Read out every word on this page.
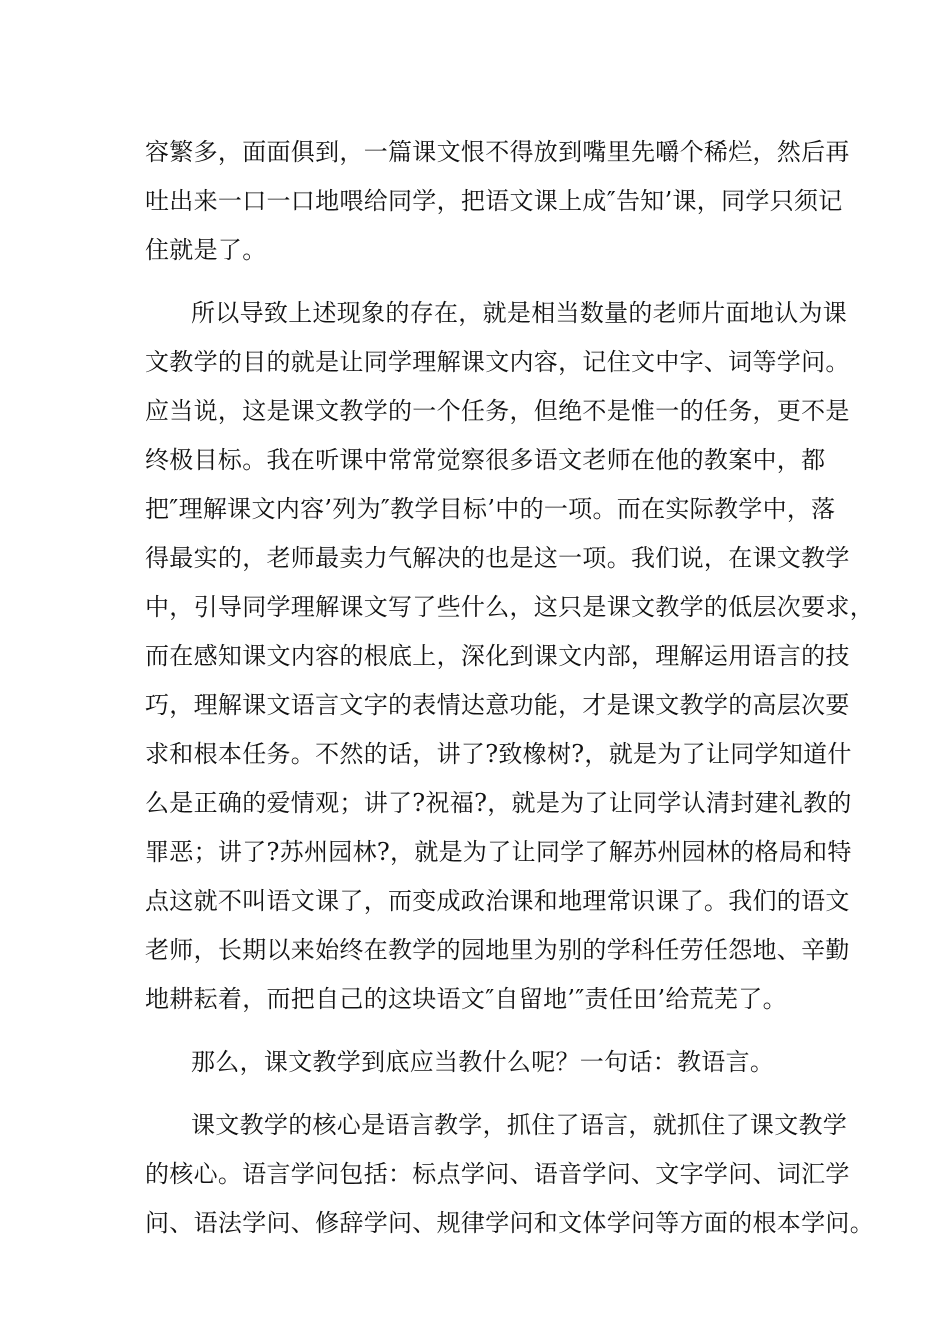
容繁多，面面俱到，一篇课文恨不得放到嘴里先嚼个稀烂，然后再
吐出来一口一口地喂给同学，把语文课上成″告知’课，同学只须记
住就是了。
所以导致上述现象的存在，就是相当数量的老师片面地认为课
文教学的目的就是让同学理解课文内容，记住文中字、词等学问。
应当说，这是课文教学的一个任务，但绝不是惟一的任务，更不是
终极目标。我在听课中常常觉察很多语文老师在他的教案中，都
把″理解课文内容’列为″教学目标’中的一项。而在实际教学中，落
得最实的，老师最卖力气解决的也是这一项。我们说，在课文教学
中，引导同学理解课文写了些什么，这只是课文教学的低层次要求，
而在感知课文内容的根底上，深化到课文内部，理解运用语言的技
巧，理解课文语言文字的表情达意功能，才是课文教学的高层次要
求和根本任务。不然的话，讲了?致橡树?，就是为了让同学知道什
么是正确的爱情观；讲了?祝福?，就是为了让同学认清封建礼教的
罪恶；讲了?苏州园林?，就是为了让同学了解苏州园林的格局和特
点这就不叫语文课了，而变成政治课和地理常识课了。我们的语文
老师，长期以来始终在教学的园地里为别的学科任劳任怨地、辛勤
地耕耘着，而把自己的这块语文″自留地’″责任田’给荒芜了。
那么，课文教学到底应当教什么呢？一句话：教语言。
课文教学的核心是语言教学，抓住了语言，就抓住了课文教学
的核心。语言学问包括：标点学问、语音学问、文字学问、词汇学
问、语法学问、修辞学问、规律学问和文体学问等方面的根本学问。
